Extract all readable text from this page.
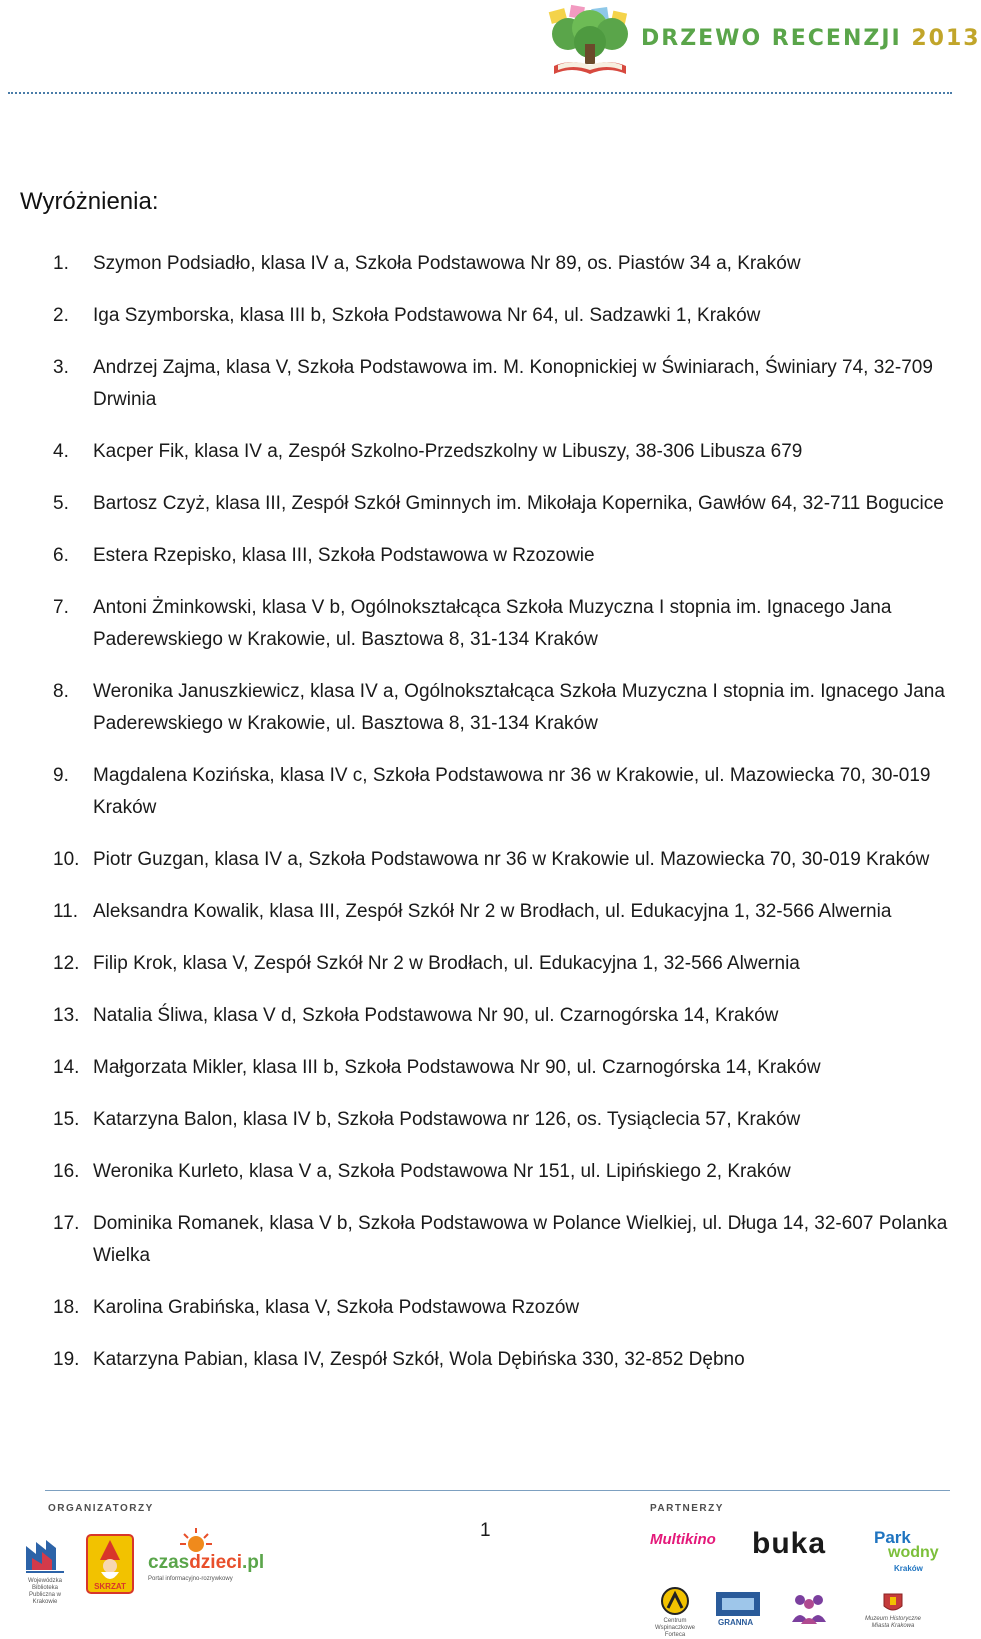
DRZEWO RECENZJI 2013
Wyróżnienia:
1.	Szymon Podsiadło, klasa IV a, Szkoła Podstawowa Nr 89, os. Piastów 34 a, Kraków
2.	Iga Szymborska, klasa III b, Szkoła Podstawowa Nr 64, ul. Sadzawki 1, Kraków
3.	Andrzej Zajma, klasa V, Szkoła Podstawowa im. M. Konopnickiej w Świniarach, Świniary 74, 32-709 Drwinia
4.	Kacper Fik, klasa IV a, Zespół Szkolno-Przedszkolny w Libuszy, 38-306 Libusza 679
5.	Bartosz Czyż, klasa III, Zespół Szkół Gminnych im. Mikołaja Kopernika, Gawłów 64, 32-711 Bogucice
6.	Estera Rzepisko, klasa III, Szkoła Podstawowa w Rzozowie
7.	Antoni Żminkowski, klasa V b, Ogólnokształcąca Szkoła Muzyczna I stopnia im. Ignacego Jana Paderewskiego w Krakowie, ul. Basztowa 8, 31-134 Kraków
8.	Weronika Januszkiewicz, klasa IV a, Ogólnokształcąca Szkoła Muzyczna I stopnia im. Ignacego Jana Paderewskiego w Krakowie, ul. Basztowa 8, 31-134 Kraków
9.	Magdalena Kozińska, klasa IV c, Szkoła Podstawowa nr 36 w Krakowie, ul. Mazowiecka 70, 30-019 Kraków
10. Piotr Guzgan, klasa IV a, Szkoła Podstawowa nr 36 w Krakowie ul. Mazowiecka 70, 30-019 Kraków
11. Aleksandra Kowalik, klasa III, Zespół Szkół Nr 2 w Brodłach, ul. Edukacyjna 1, 32-566 Alwernia
12. Filip Krok, klasa V, Zespół Szkół Nr 2 w Brodłach, ul. Edukacyjna 1, 32-566 Alwernia
13. Natalia Śliwa, klasa V d, Szkoła Podstawowa Nr 90, ul. Czarnogórska 14, Kraków
14. Małgorzata Mikler, klasa III b, Szkoła Podstawowa Nr 90, ul. Czarnogórska 14, Kraków
15. Katarzyna Balon, klasa IV b, Szkoła Podstawowa nr 126, os. Tysiąclecia 57, Kraków
16. Weronika Kurleto, klasa V a, Szkoła Podstawowa Nr 151, ul. Lipińskiego 2, Kraków
17. Dominika Romanek, klasa V b, Szkoła Podstawowa w Polance Wielkiej, ul. Długa 14, 32-607 Polanka Wielka
18. Karolina Grabińska, klasa V, Szkoła Podstawowa Rzozów
19. Katarzyna Pabian, klasa IV, Zespół Szkół, Wola Dębińska 330, 32-852 Dębno
ORGANIZATORZY	PARTNERZY
1
Wojewódzka Biblioteka Publiczna w Krakowie
SKRZAT
czasdzieci.pl
Portal informacyjno-rozrywkowy
Multikino buka	Park
wodny
Kraków
Centrum Wspinaczkowe Forteca
GRANNA	Muzeum Historyczne Miasta Krakowa
